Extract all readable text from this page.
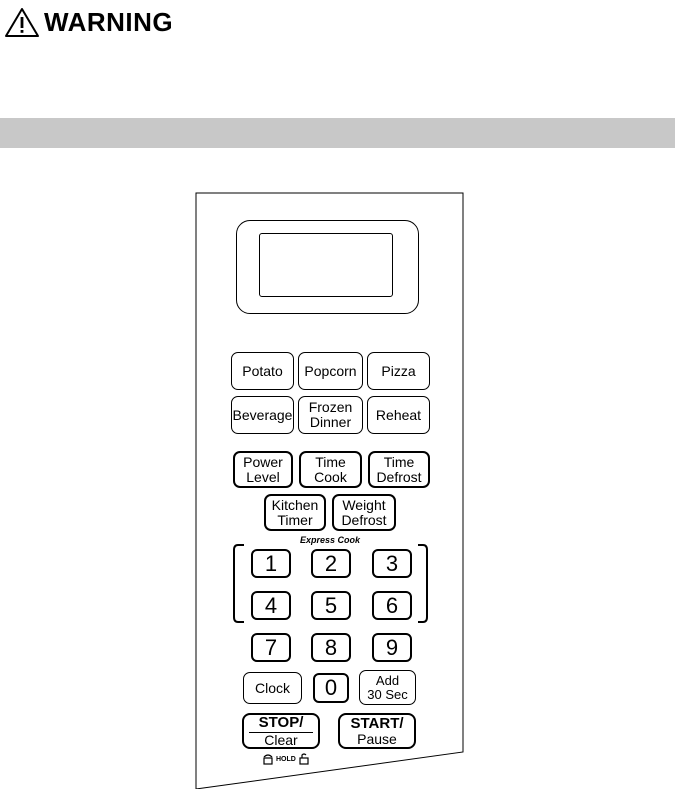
WARNING
Potato Popcorn Pizza
Beverage Frozen
Dinner Reheat
Power
Level
Time
Cook
Time
Defrost
Kitchen
Timer
Weight
Defrost
Express Cook
1 2 3
4 5 6
7 8 9
Clock 0	Add
30 Sec
STOP/
Clear
START/
Pause
HOLD
